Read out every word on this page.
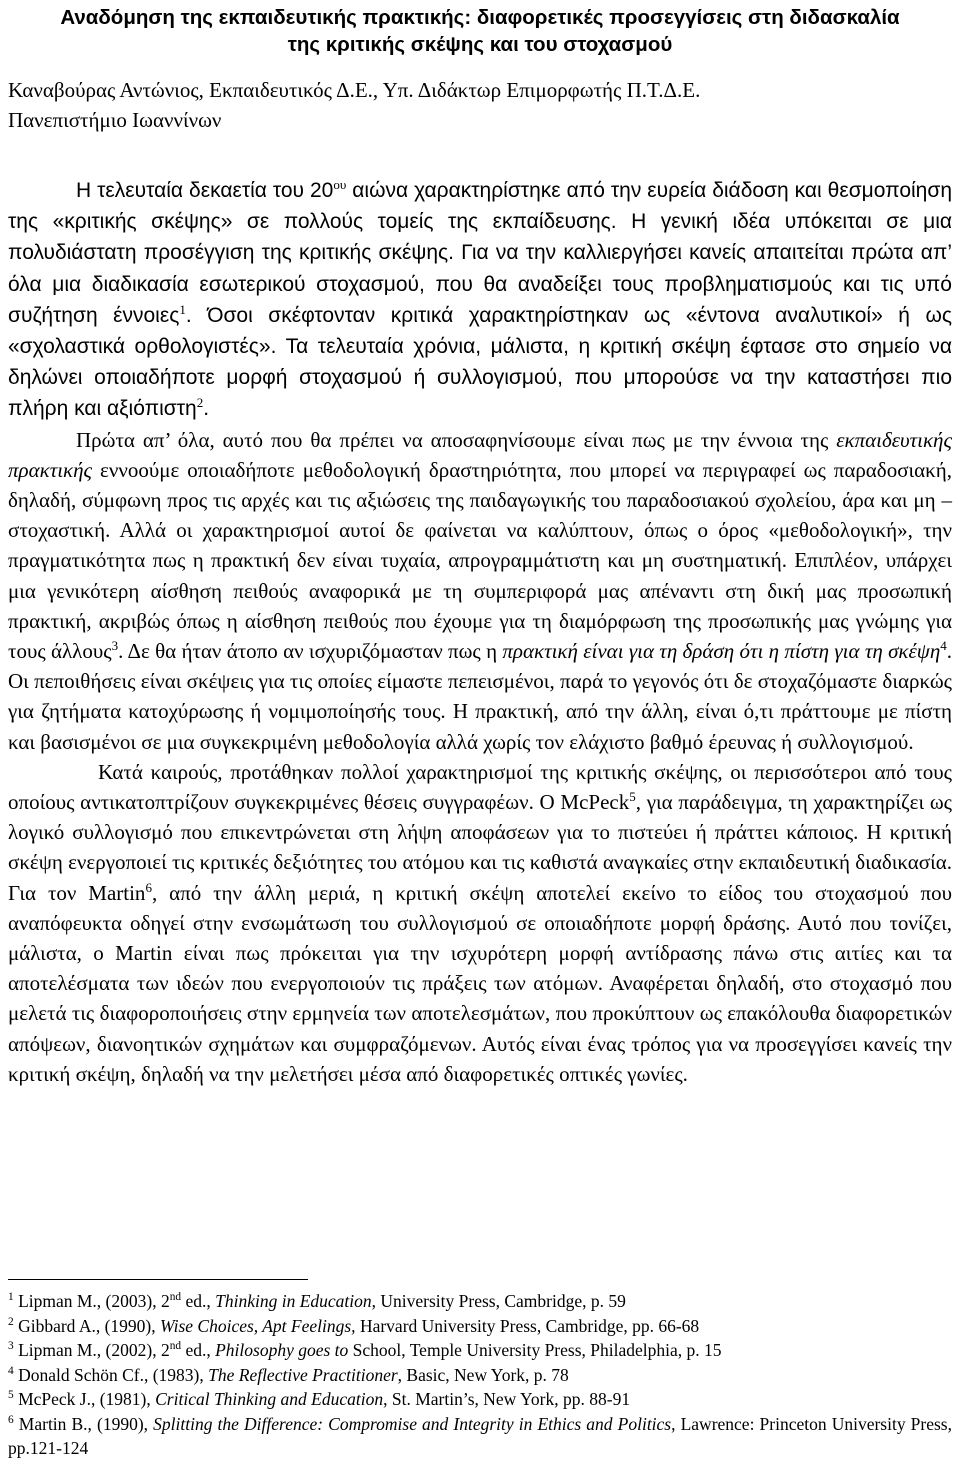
Αναδόμηση της εκπαιδευτικής πρακτικής: διαφορετικές προσεγγίσεις στη διδασκαλία
της κριτικής σκέψης και του στοχασμού
Καναβούρας Αντώνιος, Εκπαιδευτικός Δ.Ε., Υπ. Διδάκτωρ Επιμορφωτής Π.Τ.Δ.Ε.
Πανεπιστήμιο Ιωαννίνων

Η τελευταία δεκαετία του $20^{o\upsilon}$ αιώνα χαρακτηρίστηκε από την ευρεία διάδοση και θεσμοποίηση της «κριτικής σκέψης» σε πολλούς τομείς της εκπαίδευσης. Η γενική ιδέα υπόκειται σε μια πολυδιάστατη προσέγγιση της κριτικής σκέψης. Για να την καλλιεργήσει κανείς απαιτείται πρώτα απ’ όλα μια διαδικασία εσωτερικού στοχασμού, που θα αναδείξει τους προβληματισμούς και τις υπό συζήτηση έννοιες$^1$. Όσοι σκέφτονταν κριτικά χαρακτηρίστηκαν ως «έντονα αναλυτικοί» ή ως «σχολαστικά ορθολογιστές». Τα τελευταία χρόνια, μάλιστα, η κριτική σκέψη έφτασε στο σημείο να δηλώνει οποιαδήποτε μορφή στοχασμού ή συλλογισμού, που μπορούσε να την καταστήσει πιο πλήρη και αξιόπιστη$^2$.

Πρώτα απ’ όλα, αυτό που θα πρέπει να αποσαφηνίσουμε είναι πως με την έννοια της εκπαιδευτικής πρακτικής εννοούμε οποιαδήποτε μεθοδολογική δραστηριότητα, που μπορεί να περιγραφεί ως παραδοσιακή, δηλαδή, σύμφωνη προς τις αρχές και τις αξιώσεις της παιδαγωγικής του παραδοσιακού σχολείου, άρα και μη – στοχαστική. Αλλά οι χαρακτηρισμοί αυτοί δε φαίνεται να καλύπτουν, όπως ο όρος «μεθοδολογική», την πραγματικότητα πως η πρακτική δεν είναι τυχαία, απρογραμμάτιστη και μη συστηματική. Επιπλέον, υπάρχει μια γενικότερη αίσθηση πειθούς αναφορικά με τη συμπεριφορά μας απέναντι στη δική μας προσωπική πρακτική, ακριβώς όπως η αίσθηση πειθούς που έχουμε για τη διαμόρφωση της προσωπικής μας γνώμης για τους άλλους$^3$. Δε θα ήταν άτοπο αν ισχυριζόμασταν πως η πρακτική είναι για τη δράση ότι η πίστη για τη σκέψη$^4$. Οι πεποιθήσεις είναι σκέψεις για τις οποίες είμαστε πεπεισμένοι, παρά το γεγονός ότι δε στοχαζόμαστε διαρκώς για ζητήματα κατοχύρωσης ή νομιμοποίησής τους. Η πρακτική, από την άλλη, είναι ό,τι πράττουμε με πίστη και βασισμένοι σε μια συγκεκριμένη μεθοδολογία αλλά χωρίς τον ελάχιστο βαθμό έρευνας ή συλλογισμού.

Κατά καιρούς, προτάθηκαν πολλοί χαρακτηρισμοί της κριτικής σκέψης, οι περισσότεροι από τους οποίους αντικατοπτρίζουν συγκεκριμένες θέσεις συγγραφέων. Ο McPeck$^5$, για παράδειγμα, τη χαρακτηρίζει ως λογικό συλλογισμό που επικεντρώνεται στη λήψη αποφάσεων για το πιστεύει ή πράττει κάποιος. Η κριτική σκέψη ενεργοποιεί τις κριτικές δεξιότητες του ατόμου και τις καθιστά αναγκαίες στην εκπαιδευτική διαδικασία. Για τον Martin$^6$, από την άλλη μεριά, η κριτική σκέψη αποτελεί εκείνο το είδος του στοχασμού που αναπόφευκτα οδηγεί στην ενσωμάτωση του συλλογισμού σε οποιαδήποτε μορφή δράσης. Αυτό που τονίζει, μάλιστα, ο Martin είναι πως πρόκειται για την ισχυρότερη μορφή αντίδρασης πάνω στις αιτίες και τα αποτελέσματα των ιδεών που ενεργοποιούν τις πράξεις των ατόμων. Αναφέρεται δηλαδή, στο στοχασμό που μελετά τις διαφοροποιήσεις στην ερμηνεία των αποτελεσμάτων, που προκύπτουν ως επακόλουθα διαφορετικών απόψεων, διανοητικών σχημάτων και συμφραζόμενων. Αυτός είναι ένας τρόπος για να προσεγγίσει κανείς την κριτική σκέψη, δηλαδή να την μελετήσει μέσα από διαφορετικές οπτικές γωνίες.

$^1$ Lipman M., (2003), 2nd ed., Thinking in Education, University Press, Cambridge, p. 59

$^2$ Gibbard A., (1990), Wise Choices, Apt Feelings, Harvard University Press, Cambridge, pp. 66-68

$^3$ Lipman M., (2002), 2nd ed., Philosophy goes to School, Temple University Press, Philadelphia, p. 15

$^4$ Donald Schön Cf., (1983), The Reflective Practitioner, Basic, New York, p. 78

$^5$ McPeck J., (1981), Critical Thinking and Education, St. Martin’s, New York, pp. 88-91

$^6$ Martin B., (1990), Splitting the Difference: Compromise and Integrity in Ethics and Politics, Lawrence: Princeton University Press, pp.121-124
